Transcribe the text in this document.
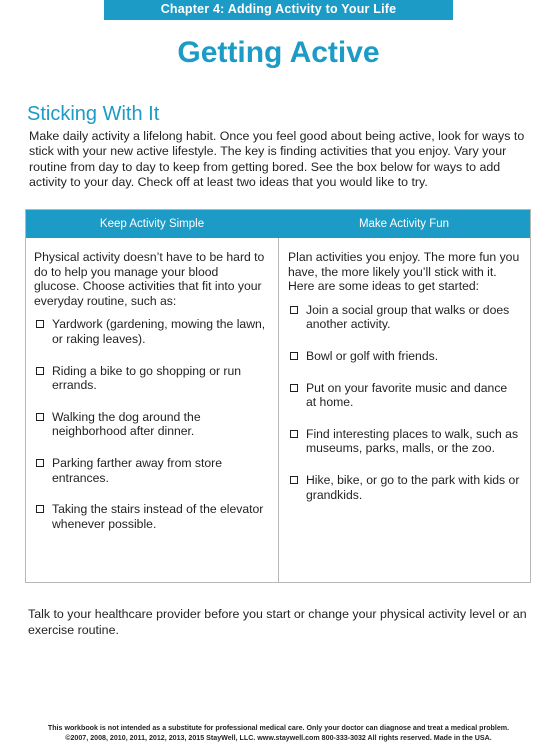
Chapter 4: Adding Activity to Your Life
Getting Active
Sticking With It

Make daily activity a lifelong habit. Once you feel good about being active, look for ways to stick with your new active lifestyle. The key is finding activities that you enjoy. Vary your routine from day to day to keep from getting bored. See the box below for ways to add activity to your day. Check off at least two ideas that you would like to try.

Keep Activity Simple	Make Activity Fun

Physical activity doesn’t have to be hard to do to help you manage your blood glucose. Choose activities that fit into your everyday routine, such as:

Yardwork (gardening, mowing the lawn, or raking leaves).
Riding a bike to go shopping or run errands.
Walking the dog around the neighborhood after dinner.
Parking farther away from store entrances.
Taking the stairs instead of the elevator whenever possible.

Plan activities you enjoy. The more fun you have, the more likely you’ll stick with it. Here are some ideas to get started:

Join a social group that walks or does another activity.
Bowl or golf with friends.
Put on your favorite music and dance at home.
Find interesting places to walk, such as museums, parks, malls, or the zoo.
Hike, bike, or go to the park with kids or grandkids.

Talk to your healthcare provider before you start or change your physical activity level or an exercise routine.

This workbook is not intended as a substitute for professional medical care. Only your doctor can diagnose and treat a medical problem.
©2007, 2008, 2010, 2011, 2012, 2013, 2015 StayWell, LLC. www.staywell.com 800-333-3032 All rights reserved. Made in the USA.
